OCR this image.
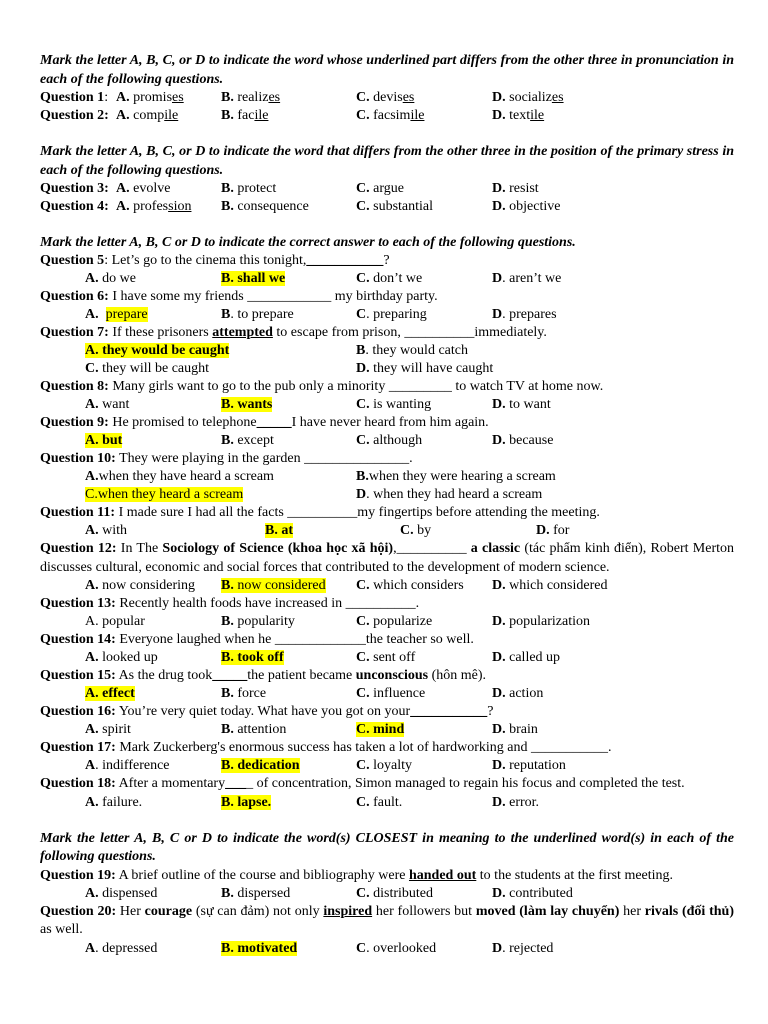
Mark the letter A, B, C, or D to indicate the word whose underlined part differs from the other three in pronunciation in each of the following questions.
Question 1: A. promises	B. realizes	C. devises	D. socializes
Question 2: A. compile	B. facile	C. facsimile	D. textile
Mark the letter A, B, C, or D to indicate the word that differs from the other three in the position of the primary stress in each of the following questions.
Question 3: A. evolve	B. protect	C. argue	D. resist
Question 4: A. profession B. consequence	C. substantial	D. objective
Mark the letter A, B, C or D to indicate the correct answer to each of the following questions.
Question 5: Let’s go to the cinema this tonight,___________?
A. do we	B. shall we	C. don’t we	D. aren’t we
Question 6: I have some my friends ____________ my birthday party.
A. prepare	B. to prepare	C. preparing	D. prepares
Question 7: If these prisoners attempted to escape from prison, __________immediately.
A. they would be caught	B. they would catch
C. they will be caught	D. they will have caught
Question 8: Many girls want to go to the pub only a minority _________ to watch TV at home now.
A. want	B. wants	C. is wanting	D. to want
Question 9: He promised to telephone_____I have never heard from him again.
A. but	B. except	C. although	D. because
Question 10: They were playing in the garden _______________.
A.when they have heard a scream	B.when they were hearing a scream
C.when they heard a scream	D. when they had heard a scream
Question 11: I made sure I had all the facts __________my fingertips before attending the meeting.
A. with	B. at	C. by	D. for
Question 12: In The Sociology of Science (khoa học xã hội),__________ a classic (tác phẩm kinh điển), Robert Merton discusses cultural, economic and social forces that contributed to the development of modern science.
A. now considering B. now considered C. which considers D. which considered
Question 13: Recently health foods have increased in __________.
A. popular	B. popularity	C. popularize	D. popularization
Question 14: Everyone laughed when he _____________the teacher so well.
A. looked up	B. took off	C. sent off	D. called up
Question 15: As the drug took_____the patient became unconscious (hôn mê).
A. effect	B. force	C. influence	D. action
Question 16: You’re very quiet today. What have you got on your___________?
A. spirit	B. attention	C. mind	D. brain
Question 17: Mark Zuckerberg's enormous success has taken a lot of hardworking and ___________.
A. indifference	B. dedication	C. loyalty	D. reputation
Question 18: After a momentary____ of concentration, Simon managed to regain his focus and completed the test.
A. failure.	B. lapse.	C. fault.	D. error.
Mark the letter A, B, C or D to indicate the word(s) CLOSEST in meaning to the underlined word(s) in each of the following questions.
Question 19: A brief outline of the course and bibliography were handed out to the students at the first meeting.
A. dispensed	B. dispersed	C. distributed	D. contributed
Question 20: Her courage (sự can đảm) not only inspired her followers but moved (làm lay chuyển) her rivals (đối thủ) as well.
A. depressed	B. motivated	C. overlooked	D. rejected
